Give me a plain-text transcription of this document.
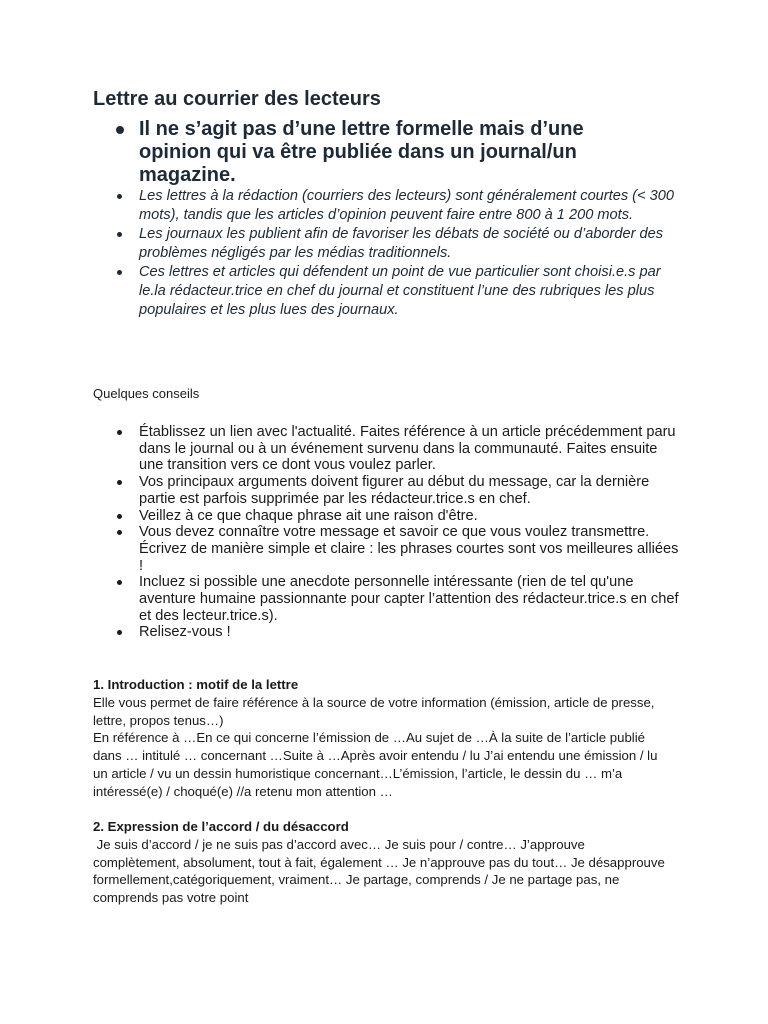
Lettre au courrier des lecteurs
Il ne s’agit pas d’une lettre formelle mais d’une opinion qui va être publiée dans un journal/un magazine.
Les lettres à la rédaction (courriers des lecteurs) sont généralement courtes (< 300 mots), tandis que les articles d’opinion peuvent faire entre 800 à 1 200 mots.
Les journaux les publient afin de favoriser les débats de société ou d’aborder des problèmes négligés par les médias traditionnels.
Ces lettres et articles qui défendent un point de vue particulier sont choisi.e.s par le.la rédacteur.trice en chef du journal et constituent l’une des rubriques les plus populaires et les plus lues des journaux.

Quelques conseils

Établissez un lien avec l'actualité. Faites référence à un article précédemment paru dans le journal ou à un événement survenu dans la communauté. Faites ensuite une transition vers ce dont vous voulez parler.
Vos principaux arguments doivent figurer au début du message, car la dernière partie est parfois supprimée par les rédacteur.trice.s en chef.
Veillez à ce que chaque phrase ait une raison d'être.
Vous devez connaître votre message et savoir ce que vous voulez transmettre. Écrivez de manière simple et claire : les phrases courtes sont vos meilleures alliées !
Incluez si possible une anecdote personnelle intéressante (rien de tel qu'une aventure humaine passionnante pour capter l’attention des rédacteur.trice.s en chef et des lecteur.trice.s).
Relisez-vous !
1. Introduction : motif de la lettre

Elle vous permet de faire référence à la source de votre information (émission, article de presse, lettre, propos tenus…)

En référence à …En ce qui concerne l’émission de …Au sujet de …À la suite de l’article publié dans … intitulé … concernant …Suite à …Après avoir entendu / lu J’ai entendu une émission / lu un article / vu un dessin humoristique concernant…L’émission, l’article, le dessin du … m’a intéressé(e) / choqué(e) //a retenu mon attention …

2. Expression de l’accord / du désaccord

Je suis d’accord / je ne suis pas d’accord avec… Je suis pour / contre… J’approuve complètement, absolument, tout à fait, également … Je n’approuve pas du tout… Je désapprouve formellement,catégoriquement, vraiment… Je partage, comprends / Je ne partage pas, ne comprends pas votre point
